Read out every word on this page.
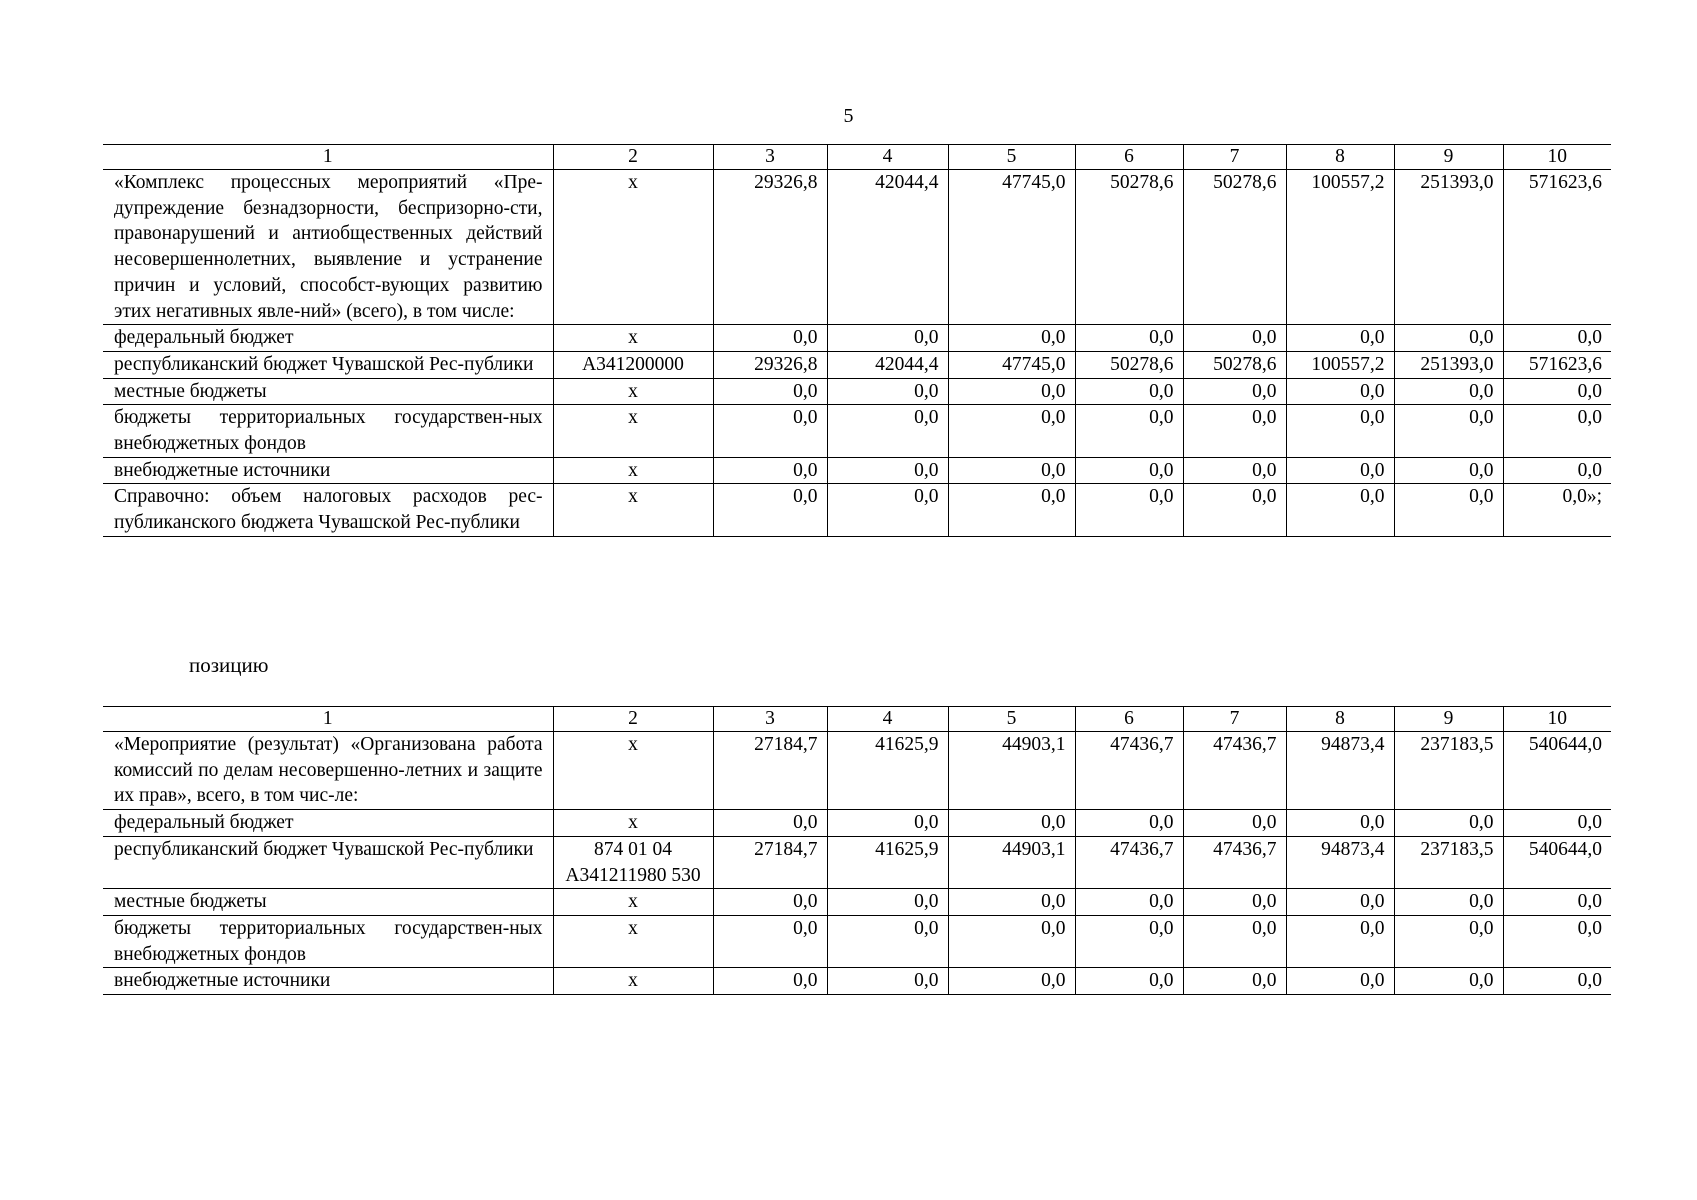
5
1	2	3	4	5	6	7	8	9	10
«Комплекс процессных мероприятий «Пре-дупреждение безнадзорности, беспризорно-сти, правонарушений и антиобщественных действий несовершеннолетних, выявление и устранение причин и условий, способст-вующих развитию этих негативных явле-ний» (всего), в том числе:	x	29326,8	42044,4	47745,0	50278,6	50278,6	100557,2	251393,0	571623,6
федеральный бюджет	x	0,0	0,0	0,0	0,0	0,0	0,0	0,0	0,0
республиканский бюджет Чувашской Рес-публики	А341200000	29326,8	42044,4	47745,0	50278,6	50278,6	100557,2	251393,0	571623,6
местные бюджеты	x	0,0	0,0	0,0	0,0	0,0	0,0	0,0	0,0
бюджеты территориальных государствен-ных внебюджетных фондов	x	0,0	0,0	0,0	0,0	0,0	0,0	0,0	0,0
внебюджетные источники	x	0,0	0,0	0,0	0,0	0,0	0,0	0,0	0,0
Справочно: объем налоговых расходов рес-публиканского бюджета Чувашской Рес-публики	x	0,0	0,0	0,0	0,0	0,0	0,0	0,0	0,0»;
позицию
1	2	3	4	5	6	7	8	9	10
«Мероприятие (результат) «Организована работа комиссий по делам несовершенно-летних и защите их прав», всего, в том чис-ле:	x	27184,7	41625,9	44903,1	47436,7	47436,7	94873,4	237183,5	540644,0
федеральный бюджет	x	0,0	0,0	0,0	0,0	0,0	0,0	0,0	0,0
республиканский бюджет Чувашской Рес-публики	874 01 04 А341211980 530	27184,7	41625,9	44903,1	47436,7	47436,7	94873,4	237183,5	540644,0
местные бюджеты	x	0,0	0,0	0,0	0,0	0,0	0,0	0,0	0,0
бюджеты территориальных государствен-ных внебюджетных фондов	x	0,0	0,0	0,0	0,0	0,0	0,0	0,0	0,0
внебюджетные источники	x	0,0	0,0	0,0	0,0	0,0	0,0	0,0	0,0
